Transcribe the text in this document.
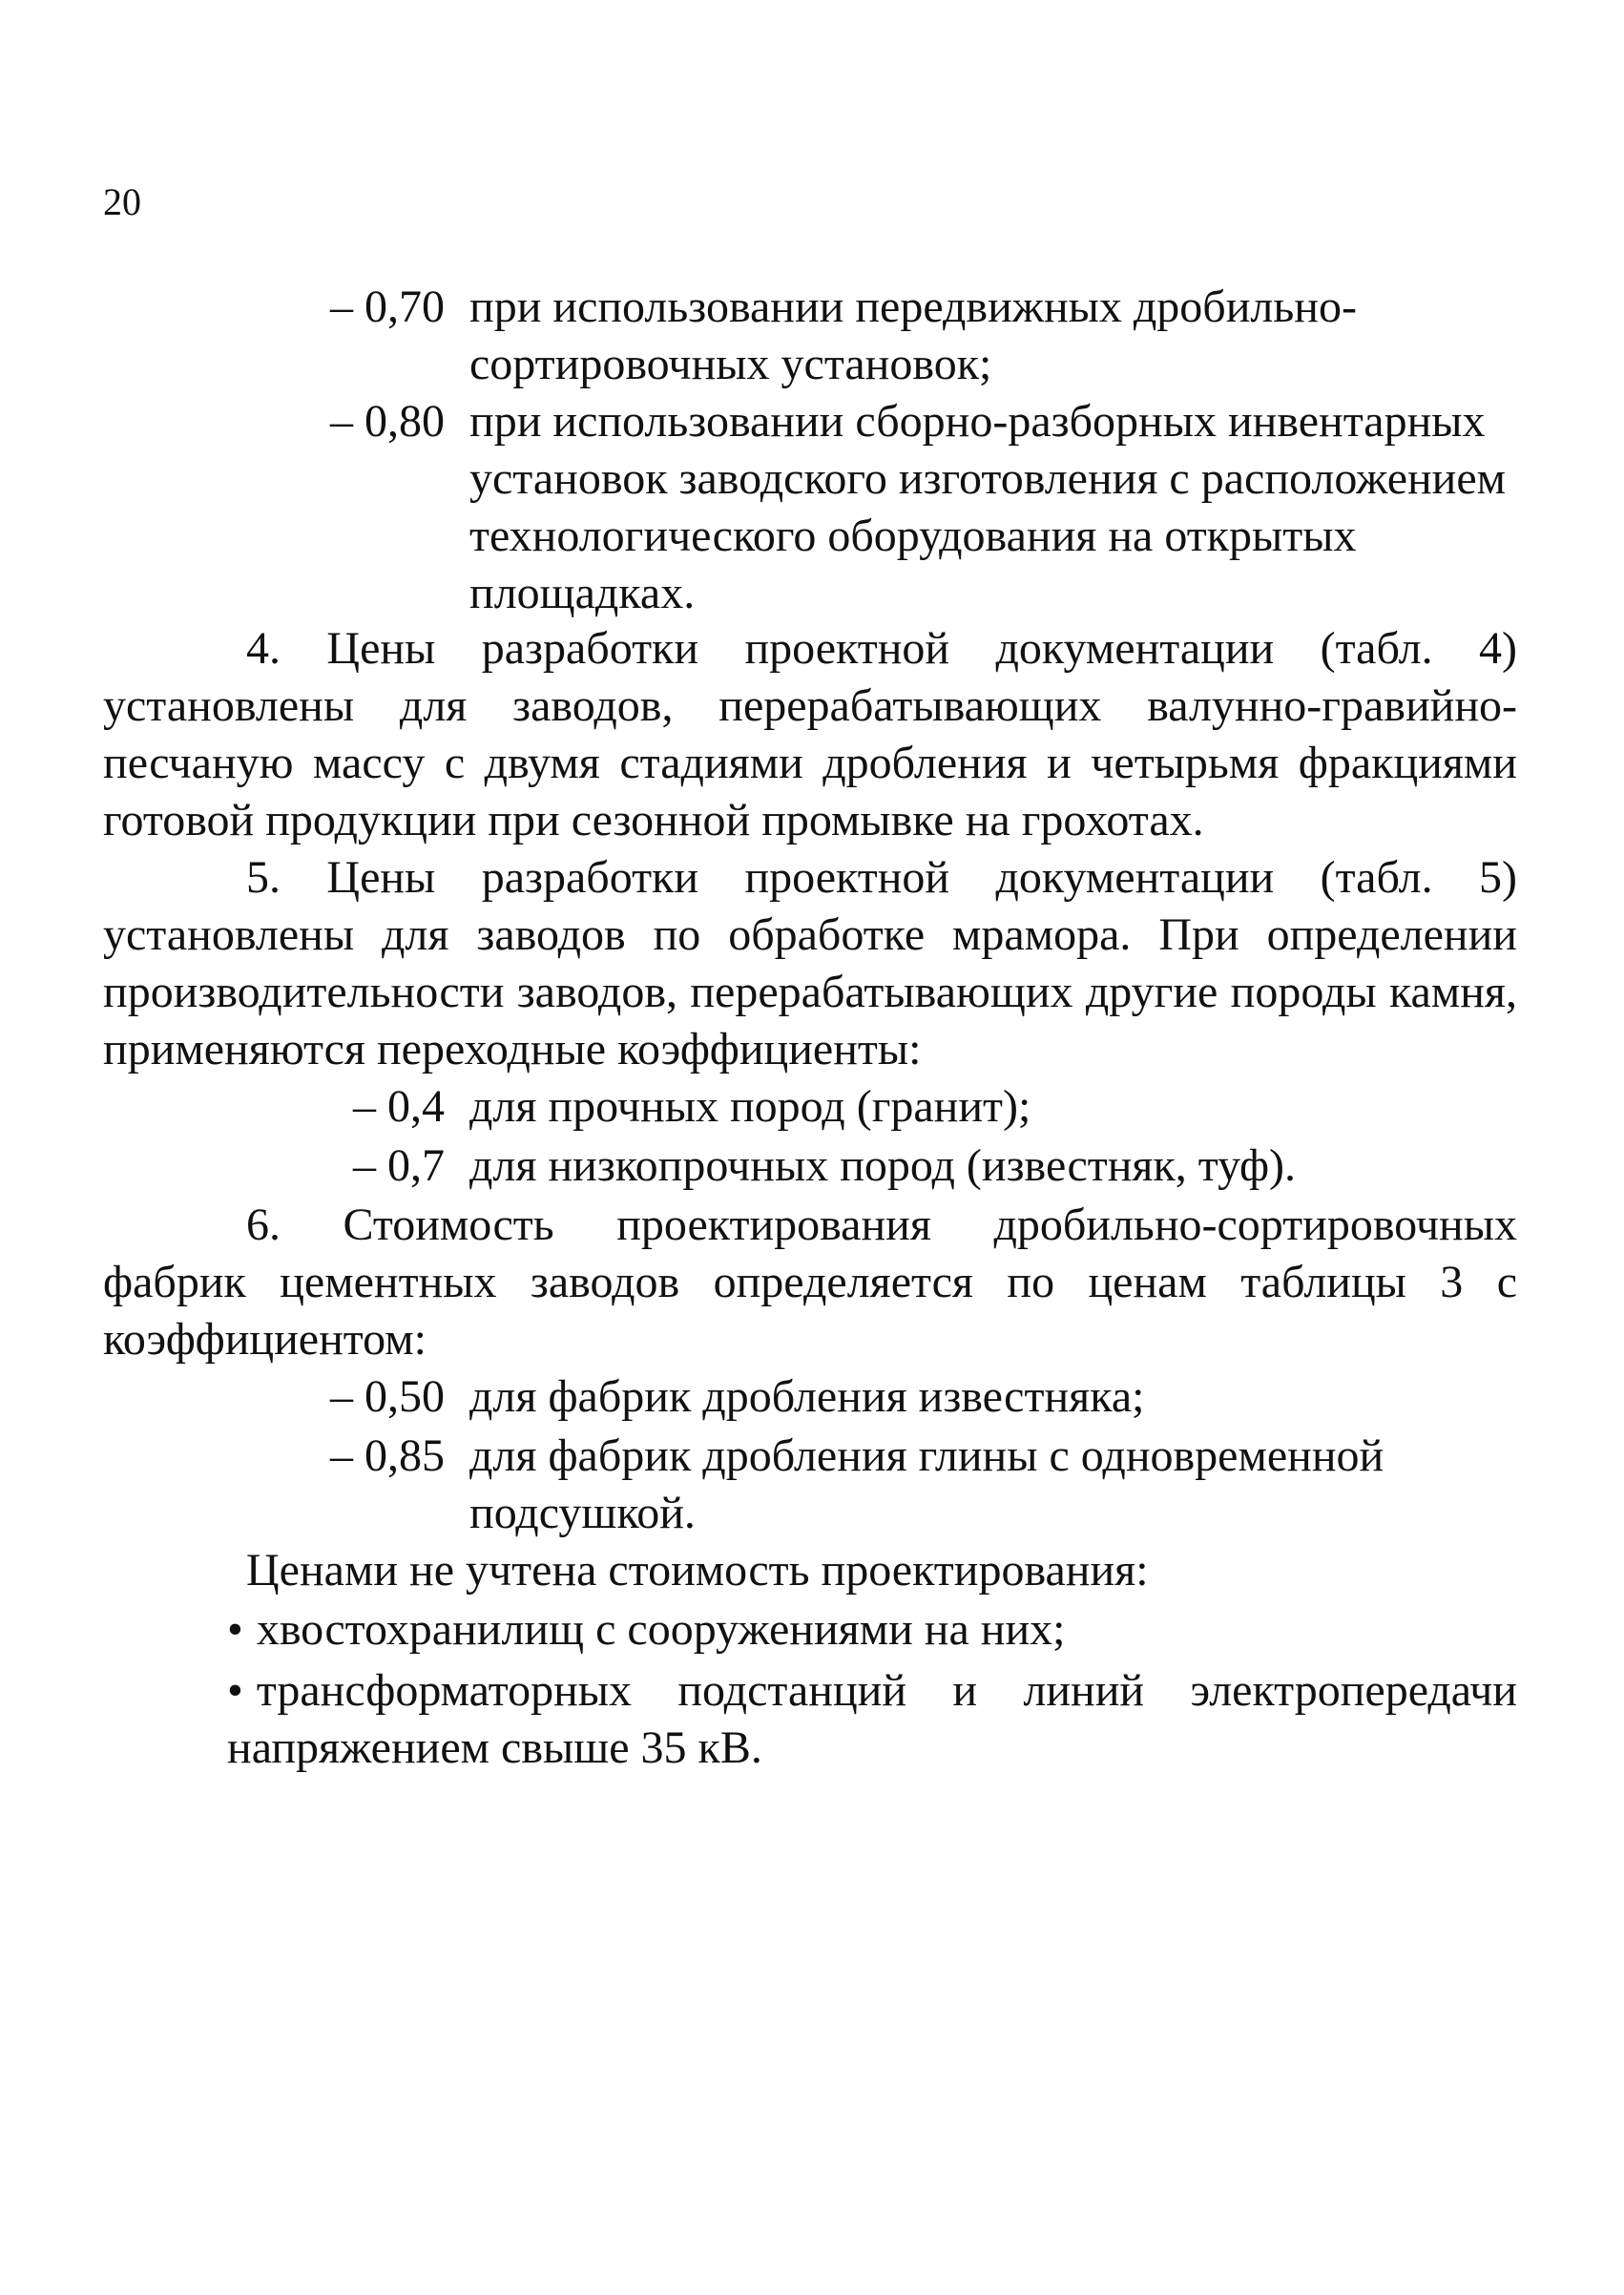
20
– 0,70 при использовании передвижных дробильно-сортировочных установок;
– 0,80 при использовании сборно-разборных инвентарных установок заводского изготовления с расположением технологического оборудования на открытых площадках.
4. Цены разработки проектной документации (табл. 4) установлены для заводов, перерабатывающих валунно-гравийно-песчаную массу с двумя стадиями дробления и четырьмя фракциями готовой продукции при сезонной промывке на грохотах.
5. Цены разработки проектной документации (табл. 5) установлены для заводов по обработке мрамора. При определении производительности заводов, перерабатывающих другие породы камня, применяются переходные коэффициенты:
– 0,4 для прочных пород (гранит);
– 0,7 для низкопрочных пород (известняк, туф).
6. Стоимость проектирования дробильно-сортировочных фабрик цементных заводов определяется по ценам таблицы 3 с коэффициентом:
– 0,50 для фабрик дробления известняка;
– 0,85 для фабрик дробления глины с одновременной подсушкой.
Ценами не учтена стоимость проектирования:
• хвостохранилищ с сооружениями на них;
• трансформаторных подстанций и линий электропередачи напряжением свыше 35 кВ.
